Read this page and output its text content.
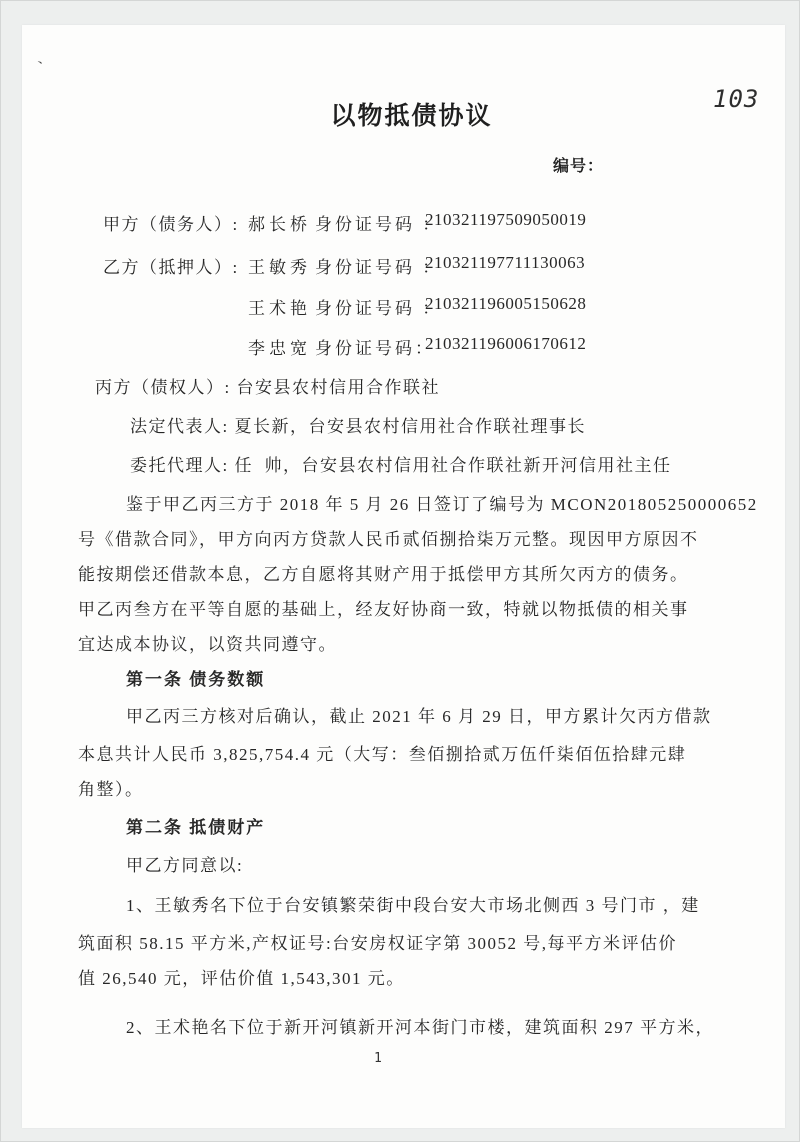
、
103
以物抵债协议
编号：
甲方（债务人）: 郝长桥 身份证号码 ：
210321197509050019
乙方（抵押人）: 王敏秀 身份证号码 ：
210321197711130063
王术艳 身份证号码 ：
210321196005150628
李忠宽 身份证号码：
210321196006170612
丙方（债权人）: 台安县农村信用合作联社
法定代表人: 夏长新，台安县农村信用社合作联社理事长
委托代理人: 任  帅，台安县农村信用社合作联社新开河信用社主任
鉴于甲乙丙三方于 2018 年 5 月 26 日签订了编号为 MCON201805250000652
号《借款合同》，甲方向丙方贷款人民币贰佰捌拾柒万元整。现因甲方原因不
能按期偿还借款本息，乙方自愿将其财产用于抵偿甲方其所欠丙方的债务。
甲乙丙叁方在平等自愿的基础上，经友好协商一致，特就以物抵债的相关事
宜达成本协议，以资共同遵守。
第一条 债务数额
甲乙丙三方核对后确认，截止 2021 年 6 月 29 日，甲方累计欠丙方借款
本息共计人民币 3,825,754.4 元（大写：叁佰捌拾贰万伍仟柒佰伍拾肆元肆
角整）。
第二条 抵债财产
甲乙方同意以:
1、王敏秀名下位于台安镇繁荣街中段台安大市场北侧西 3 号门市 ，建
筑面积 58.15 平方米,产权证号:台安房权证字第 30052 号,每平方米评估价
值 26,540 元，评估价值 1,543,301 元。
2、王术艳名下位于新开河镇新开河本街门市楼，建筑面积 297 平方米，
1
